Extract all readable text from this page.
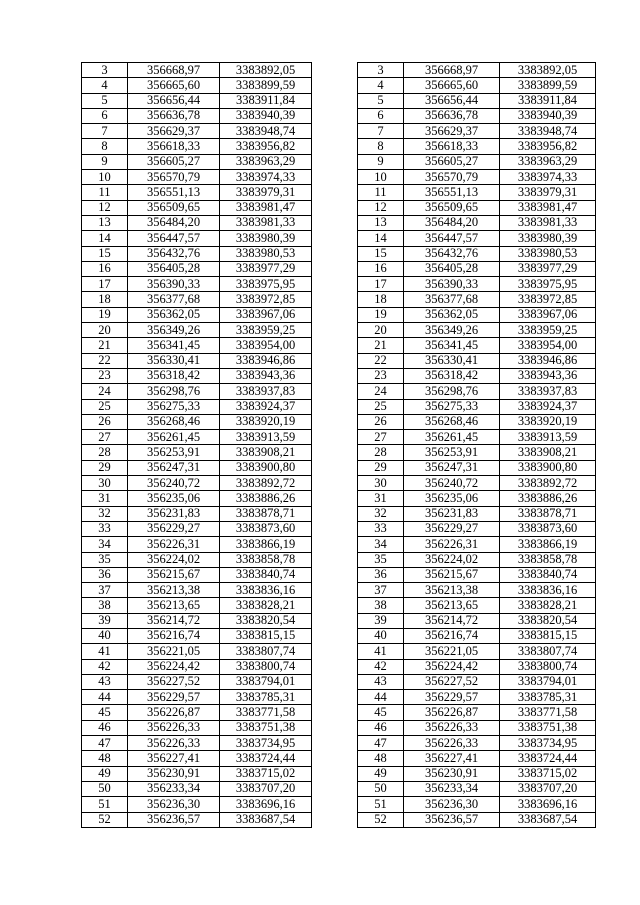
3	356668,97	3383892,05		3	356668,97	3383892,05
4	356665,60	3383899,59		4	356665,60	3383899,59
5	356656,44	3383911,84		5	356656,44	3383911,84
6	356636,78	3383940,39		6	356636,78	3383940,39
7	356629,37	3383948,74		7	356629,37	3383948,74
8	356618,33	3383956,82		8	356618,33	3383956,82
9	356605,27	3383963,29		9	356605,27	3383963,29
10	356570,79	3383974,33		10	356570,79	3383974,33
11	356551,13	3383979,31		11	356551,13	3383979,31
12	356509,65	3383981,47		12	356509,65	3383981,47
13	356484,20	3383981,33		13	356484,20	3383981,33
14	356447,57	3383980,39		14	356447,57	3383980,39
15	356432,76	3383980,53		15	356432,76	3383980,53
16	356405,28	3383977,29		16	356405,28	3383977,29
17	356390,33	3383975,95		17	356390,33	3383975,95
18	356377,68	3383972,85		18	356377,68	3383972,85
19	356362,05	3383967,06		19	356362,05	3383967,06
20	356349,26	3383959,25		20	356349,26	3383959,25
21	356341,45	3383954,00		21	356341,45	3383954,00
22	356330,41	3383946,86		22	356330,41	3383946,86
23	356318,42	3383943,36		23	356318,42	3383943,36
24	356298,76	3383937,83		24	356298,76	3383937,83
25	356275,33	3383924,37		25	356275,33	3383924,37
26	356268,46	3383920,19		26	356268,46	3383920,19
27	356261,45	3383913,59		27	356261,45	3383913,59
28	356253,91	3383908,21		28	356253,91	3383908,21
29	356247,31	3383900,80		29	356247,31	3383900,80
30	356240,72	3383892,72		30	356240,72	3383892,72
31	356235,06	3383886,26		31	356235,06	3383886,26
32	356231,83	3383878,71		32	356231,83	3383878,71
33	356229,27	3383873,60		33	356229,27	3383873,60
34	356226,31	3383866,19		34	356226,31	3383866,19
35	356224,02	3383858,78		35	356224,02	3383858,78
36	356215,67	3383840,74		36	356215,67	3383840,74
37	356213,38	3383836,16		37	356213,38	3383836,16
38	356213,65	3383828,21		38	356213,65	3383828,21
39	356214,72	3383820,54		39	356214,72	3383820,54
40	356216,74	3383815,15		40	356216,74	3383815,15
41	356221,05	3383807,74		41	356221,05	3383807,74
42	356224,42	3383800,74		42	356224,42	3383800,74
43	356227,52	3383794,01		43	356227,52	3383794,01
44	356229,57	3383785,31		44	356229,57	3383785,31
45	356226,87	3383771,58		45	356226,87	3383771,58
46	356226,33	3383751,38		46	356226,33	3383751,38
47	356226,33	3383734,95		47	356226,33	3383734,95
48	356227,41	3383724,44		48	356227,41	3383724,44
49	356230,91	3383715,02		49	356230,91	3383715,02
50	356233,34	3383707,20		50	356233,34	3383707,20
51	356236,30	3383696,16		51	356236,30	3383696,16
52	356236,57	3383687,54		52	356236,57	3383687,54
